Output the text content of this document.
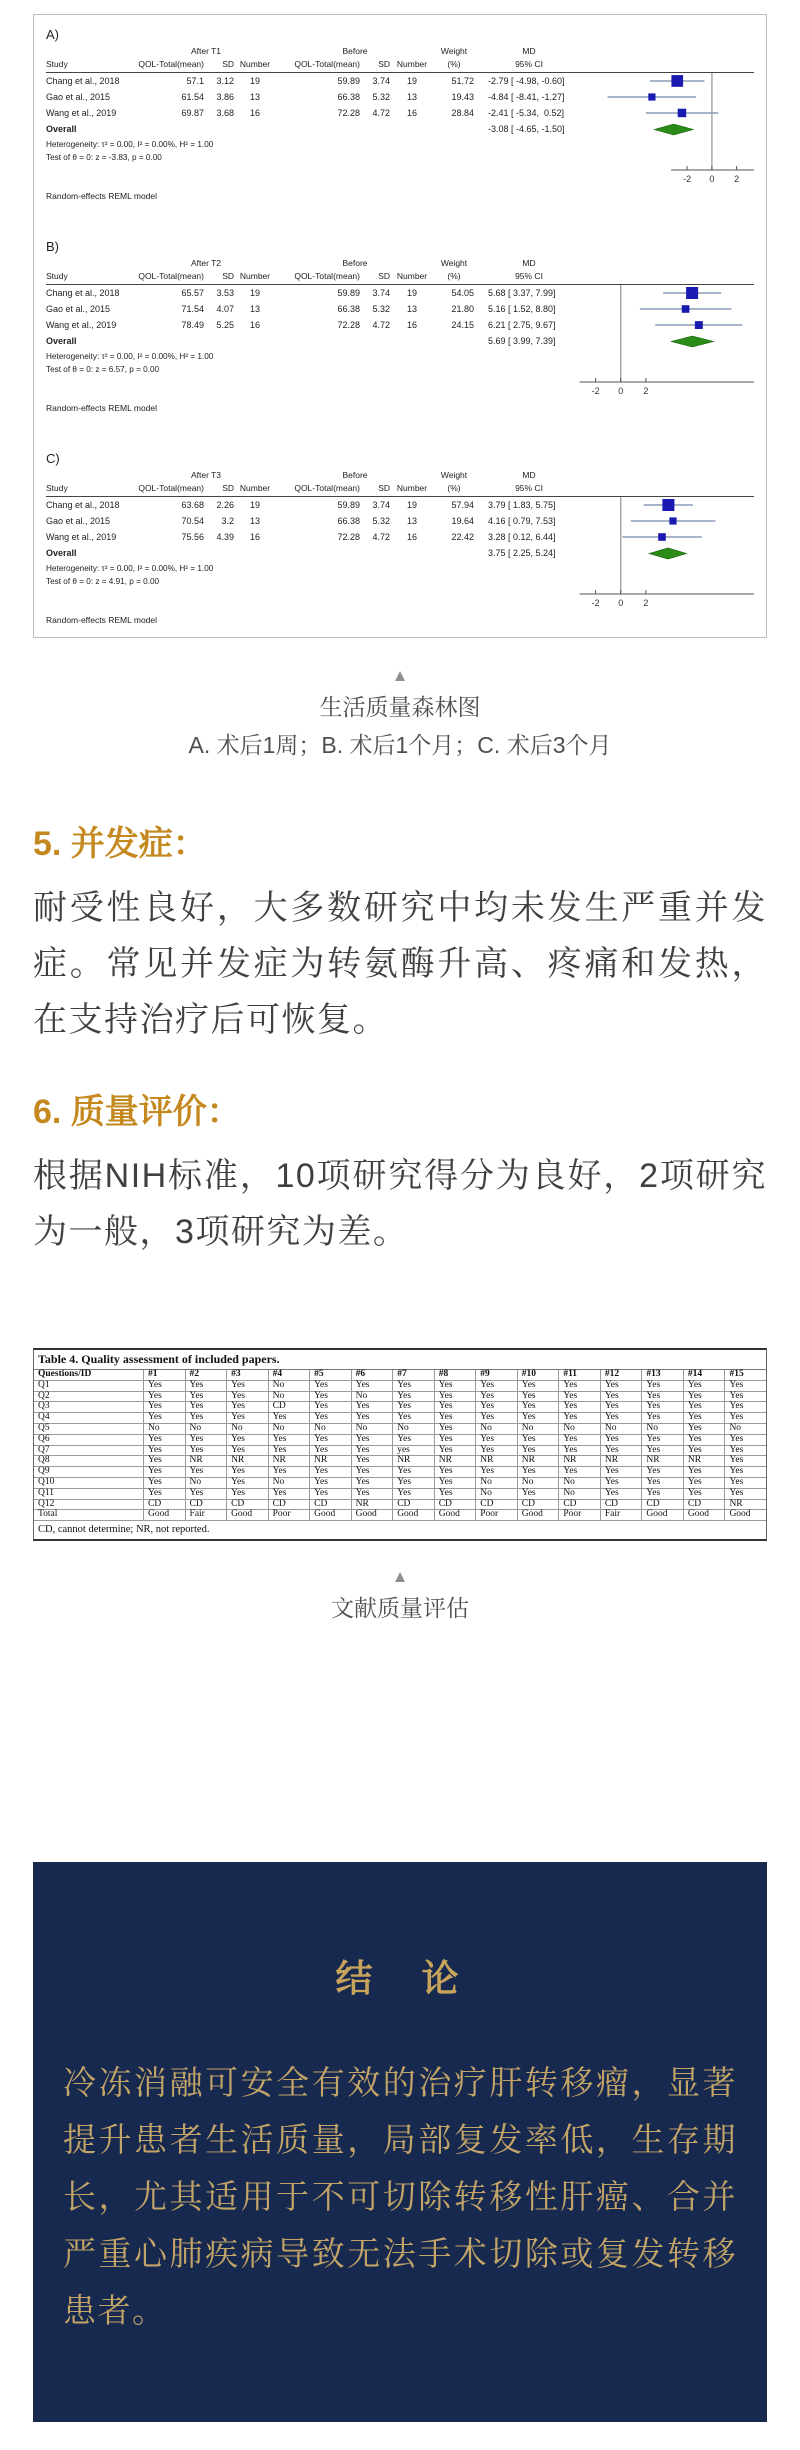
A)
After T1	Before	Weight	MD
Study	QOL-Total(mean)	SD Number	QOL-Total(mean)	SD Number	(%)	95% CI
Chang et al., 2018	57.1	3.12	19	59.89	3.74	19	51.72	-2.79 [ -4.98, -0.60]
Gao et al., 2015	61.54	3.86	13	66.38	5.32	13	19.43	-4.84 [ -8.41, -1.27]
Wang et al., 2019	69.87	3.68	16	72.28	4.72	16	28.84	-2.41 [ -5.34,  0.52]
Overall	-3.08 [ -4.65, -1.50]
Heterogeneity: τ² = 0.00, I² = 0.00%, H² = 1.00
Test of θ = 0: z = -3.83, p = 0.00
Random-effects REML model
-2 0 2
B)
After T2	Before	Weight	MD
Study	QOL-Total(mean)	SD Number	QOL-Total(mean)	SD Number	(%)	95% CI
Chang et al., 2018	65.57	3.53	19	59.89	3.74	19	54.05	5.68 [ 3.37, 7.99]
Gao et al., 2015	71.54	4.07	13	66.38	5.32	13	21.80	5.16 [ 1.52, 8.80]
Wang et al., 2019	78.49	5.25	16	72.28	4.72	16	24.15	6.21 [ 2.75, 9.67]
Overall	5.69 [ 3.99, 7.39]
Heterogeneity: τ² = 0.00, I² = 0.00%, H² = 1.00
Test of θ = 0: z = 6.57, p = 0.00
Random-effects REML model
-2 0 2
C)
After T3	Before	Weight	MD
Study	QOL-Total(mean)	SD Number	QOL-Total(mean)	SD Number	(%)	95% CI
Chang et al., 2018	63.68	2.26	19	59.89	3.74	19	57.94	3.79 [ 1.83, 5.75]
Gao et al., 2015	70.54	3.2	13	66.38	5.32	13	19.64	4.16 [ 0.79, 7.53]
Wang et al., 2019	75.56	4.39	16	72.28	4.72	16	22.42	3.28 [ 0.12, 6.44]
Overall	3.75 [ 2.25, 5.24]
Heterogeneity: τ² = 0.00, I² = 0.00%, H² = 1.00
Test of θ = 0: z = 4.91, p = 0.00
Random-effects REML model
-2 0 2
▲
生活质量森林图
A. 术后1周；B. 术后1个月；C. 术后3个月
5. 并发症：

耐受性良好，大多数研究中均未发生严重并发症。常见并发症为转氨酶升高、疼痛和发热，在支持治疗后可恢复。

6. 质量评价：

根据NIH标准，10项研究得分为良好，2项研究为一般，3项研究为差。

Table 4. Quality assessment of included papers.
Questions/ID	#1	#2	#3	#4	#5	#6	#7	#8	#9	#10	#11	#12	#13	#14	#15
Q1	Yes	Yes	Yes	No	Yes	Yes	Yes	Yes	Yes	Yes	Yes	Yes	Yes	Yes	Yes
Q2	Yes	Yes	Yes	No	Yes	No	Yes	Yes	Yes	Yes	Yes	Yes	Yes	Yes	Yes
Q3	Yes	Yes	Yes	CD	Yes	Yes	Yes	Yes	Yes	Yes	Yes	Yes	Yes	Yes	Yes
Q4	Yes	Yes	Yes	Yes	Yes	Yes	Yes	Yes	Yes	Yes	Yes	Yes	Yes	Yes	Yes
Q5	No	No	No	No	No	No	No	Yes	No	No	No	No	No	Yes	No
Q6	Yes	Yes	Yes	Yes	Yes	Yes	Yes	Yes	Yes	Yes	Yes	Yes	Yes	Yes	Yes
Q7	Yes	Yes	Yes	Yes	Yes	Yes	yes	Yes	Yes	Yes	Yes	Yes	Yes	Yes	Yes
Q8	Yes	NR	NR	NR	NR	Yes	NR	NR	NR	NR	NR	NR	NR	NR	Yes
Q9	Yes	Yes	Yes	Yes	Yes	Yes	Yes	Yes	Yes	Yes	Yes	Yes	Yes	Yes	Yes
Q10	Yes	No	Yes	No	Yes	Yes	Yes	Yes	No	No	No	Yes	Yes	Yes	Yes
Q11	Yes	Yes	Yes	Yes	Yes	Yes	Yes	Yes	No	Yes	No	Yes	Yes	Yes	Yes
Q12	CD	CD	CD	CD	CD	NR	CD	CD	CD	CD	CD	CD	CD	CD	NR
Total	Good	Fair	Good	Poor	Good	Good	Good	Good	Poor	Good	Poor	Fair	Good	Good	Good
CD, cannot determine; NR, not reported.
▲
文献质量评估
结　论
冷冻消融可安全有效的治疗肝转移瘤，显著提升患者生活质量，局部复发率低，生存期长，尤其适用于不可切除转移性肝癌、合并严重心肺疾病导致无法手术切除或复发转移患者。
